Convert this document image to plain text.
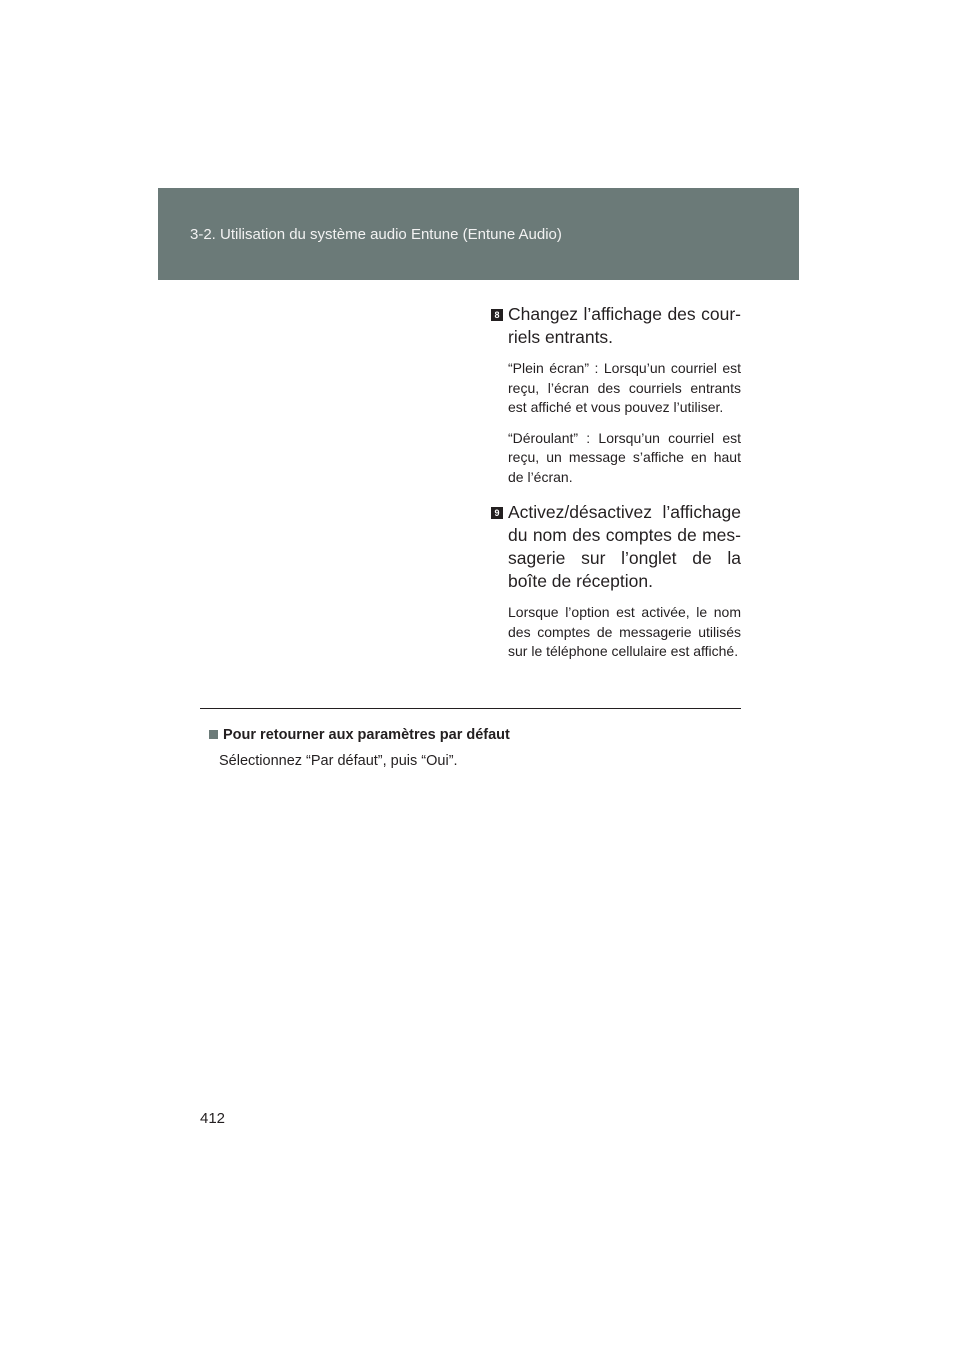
3-2. Utilisation du système audio Entune (Entune Audio)
8 Changez l’affichage des courriels entrants.

“Plein écran” : Lorsqu’un courriel est reçu, l’écran des courriels entrants est affiché et vous pouvez l’utiliser.

“Déroulant” : Lorsqu’un courriel est reçu, un message s’affiche en haut de l’écran.

9 Activez/désactivez l’affichage du nom des comptes de messagerie sur l’onglet de la boîte de réception.

Lorsque l’option est activée, le nom des comptes de messagerie utilisés sur le téléphone cellulaire est affiché.

Pour retourner aux paramètres par défaut
Sélectionnez “Par défaut”, puis “Oui”.
412
